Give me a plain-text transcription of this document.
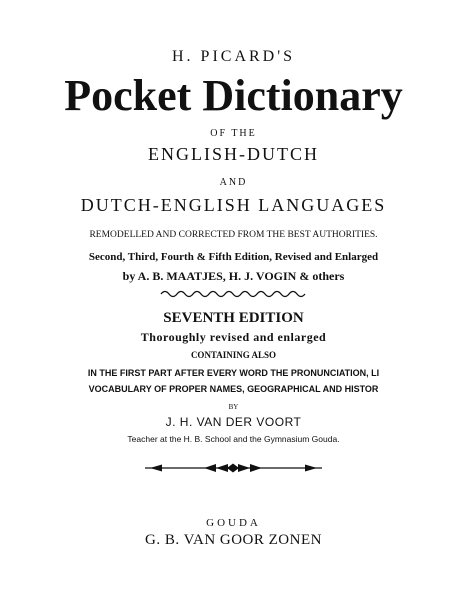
H. PICARD'S

Pocket Dictionary

OF THE

ENGLISH-DUTCH

AND

DUTCH-ENGLISH LANGUAGES

REMODELLED AND CORRECTED FROM THE BEST AUTHORITIES.

Second, Third, Fourth & Fifth Edition, Revised and Enlarged

by A. B. MAATJES, H. J. VOGIN & others

SEVENTH EDITION

Thoroughly revised and enlarged

CONTAINING ALSO

IN THE FIRST PART AFTER EVERY WORD THE PRONUNCIATION, LI

VOCABULARY OF PROPER NAMES, GEOGRAPHICAL AND HISTOR

BY

J. H. VAN DER VOORT

Teacher at the H. B. School and the Gymnasium Gouda.

GOUDA

G. B. VAN GOOR ZONEN
